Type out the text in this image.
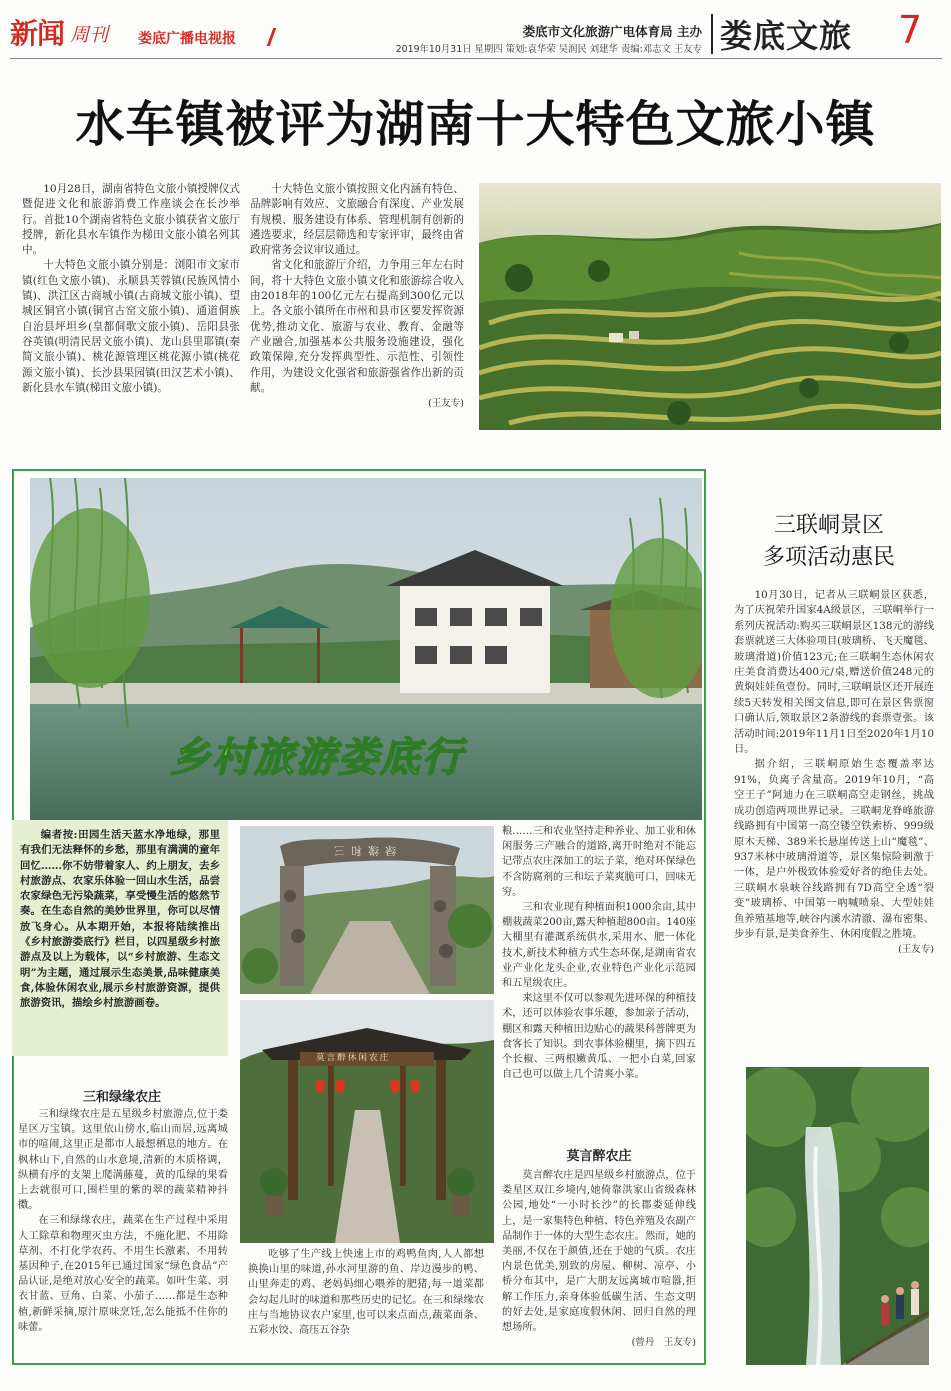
新闻 周刊 娄底广播电视报	娄底市文化旅游广电体育局 主办
2019年10月31日 星期四 策划:袁华荣 吴润民 刘建华 责编:邓志文 王友专 娄底文旅 7
水车镇被评为湖南十大特色文旅小镇

10月28日，湖南省特色文旅小镇授牌仪式暨促进文化和旅游消费工作座谈会在长沙举行。首批10个湖南省特色文旅小镇获省文旅厅授牌，新化县水车镇作为梯田文旅小镇名列其中。

十大特色文旅小镇分别是：浏阳市文家市镇(红色文旅小镇)、永顺县芙蓉镇(民族风情小镇)、洪江区古商城小镇(古商城文旅小镇)、望城区铜官小镇(铜官古窑文旅小镇)、通道侗族自治县坪坦乡(皇都侗歌文旅小镇)、岳阳县张谷英镇(明清民居文旅小镇)、龙山县里耶镇(秦简文旅小镇)、桃花源管理区桃花源小镇(桃花源文旅小镇)、长沙县果园镇(田汉艺术小镇)、新化县水车镇(梯田文旅小镇)。

十大特色文旅小镇按照文化内涵有特色、品牌影响有效应、文旅融合有深度、产业发展有规模、服务建设有体系、管理机制有创新的遴选要求，经层层筛选和专家评审，最终由省政府常务会议审议通过。

省文化和旅游厅介绍，力争用三年左右时间，将十大特色文旅小镇文化和旅游综合收入由2018年的100亿元左右提高到300亿元以上。各文旅小镇所在市州和县市区要发挥资源优势,推动文化、旅游与农业、教育、金融等产业融合,加强基本公共服务设施建设，强化政策保障,充分发挥典型性、示范性、引领性作用，为建设文化强省和旅游强省作出新的贡献。

(王友专)

乡村旅游娄底行
编者按:田园生活天蓝水净地绿，那里有我们无法释怀的乡愁，那里有满满的童年回忆……你不妨带着家人、约上朋友，去乡村旅游点、农家乐体验一回山水生活，品尝农家绿色无污染蔬菜，享受慢生活的悠然节奏。在生态自然的美妙世界里，你可以尽情放飞身心。从本期开始，本报将陆续推出《乡村旅游娄底行》栏目，以四星级乡村旅游点及以上为载体，以“乡村旅游、生态文明”为主题，通过展示生态美景,品味健康美食,体验休闲农业,展示乡村旅游资源，提供旅游资讯，描绘乡村旅游画卷。
绿缘和三
莫言醉休闲农庄
三和绿缘农庄

三和绿缘农庄是五星级乡村旅游点,位于娄星区万宝镇。这里依山傍水,临山而居,远离城市的喧闹,这里正是都市人最想栖息的地方。在枫林山下,自然的山水意境,清新的木质格调，纵横有序的支架上爬满藤蔓，黄的瓜绿的果看上去就很可口,围栏里的紫的翠的蔬菜精神抖擞。

在三和绿缘农庄，蔬菜在生产过程中采用人工除草和物理灭虫方法，不施化肥、不用除草剂、不打化学农药、不用生长激素、不用转基因种子,在2015年已通过国家“绿色食品”产品认证,是绝对放心安全的蔬菜。如叶生菜、羽衣甘蓝、豆角、白菜、小茄子……都是生态种植,新鲜采摘,原汁原味烹饪,怎么能抵不住你的味蕾。

吃够了生产线上快速上市的鸡鸭鱼肉,人人都想换换山里的味道,孙水河里游的鱼、岸边漫步的鸭、山里奔走的鸡、老妈妈细心喂养的肥猪,每一道菜都会勾起儿时的味道和那些历史的记忆。在三和绿缘农庄与当地协议农户家里,也可以来点面点,蔬菜面条、五彩水饺、高压五谷杂

粮……三和农业坚持走种养业、加工业和休闲服务三产融合的道路,离开时绝对不能忘记带点农庄深加工的坛子菜，绝对环保绿色不含防腐剂的三和坛子菜爽脆可口，回味无穷。

三和农业现有种植面积1000余亩,其中棚栽蔬菜200亩,露天种植超800亩。140座大棚里有灌溉系统供水,采用水、肥一体化技术,新技术种植方式生态环保,是湖南省农业产业化龙头企业,农业特色产业化示范园和五星级农庄。

来这里不仅可以参观先进环保的种植技术，还可以体验农事乐趣，参加亲子活动，棚区和露天种植田边贴心的蔬果科普牌更为食客长了知识。到农事体验棚里，摘下四五个长椒、三两根嫩黄瓜、一把小白菜,回家自己也可以做上几个清爽小菜。

莫言醉农庄

莫言醉农庄是四星级乡村旅游点，位于娄星区双江乡境内,她倚靠洪家山省级森林公园,地处“一小时长沙”的长郡娄延伸线上，是一家集特色种植、特色养殖及农副产品制作于一体的大型生态农庄。然而，她的美丽,不仅在于颜值,还在于她的气质。农庄内景色优美,别致的房屋、柳树、凉亭、小桥分布其中，是广大朋友远离城市喧嚣,拒解工作压力,亲身体验低碳生活、生态文明的好去处,是家庭度假休闲、回归自然的理想场所。

(曾丹　王友专)

三联峒景区
多项活动惠民

10月30日，记者从三联峒景区获悉，为了庆祝荣升国家4A级景区，三联峒举行一系列庆祝活动:购买三联峒景区138元的游线套票就送三大体验项目(玻璃桥、飞天魔毯、玻璃滑道)价值123元;在三联峒生态休闲农庄美食消费达400元/桌,赠送价值248元的黄焖娃娃鱼壹份。同时,三联峒景区还开展连续5天转发相关图文信息,即可在景区售票窗口确认后,领取景区2条游线的套票壹张。该活动时间:2019年11月1日至2020年1月10日。

据介绍，三联峒原始生态覆盖率达91%，负离子含量高。2019年10月，“高空王子”阿迪力在三联峒高空走钢丝，挑战成功创造两项世界记录。三联峒龙脊峰旅游线路拥有中国第一高空镂空铁索桥、999级原木天梯、389米长悬崖传送上山“魔毯”、937米林中玻璃滑道等，景区集惊险刺激于一体，是户外极致体验爱好者的绝佳去处。三联峒水泉峡谷线路拥有7D高空全透“裂变”玻璃桥、中国第一吶喊喷泉、大型娃娃鱼养殖基地等,峡谷内溪水清澈、瀑布密集、步步有景,是美食养生、休闲度假之胜境。

(王友专)
